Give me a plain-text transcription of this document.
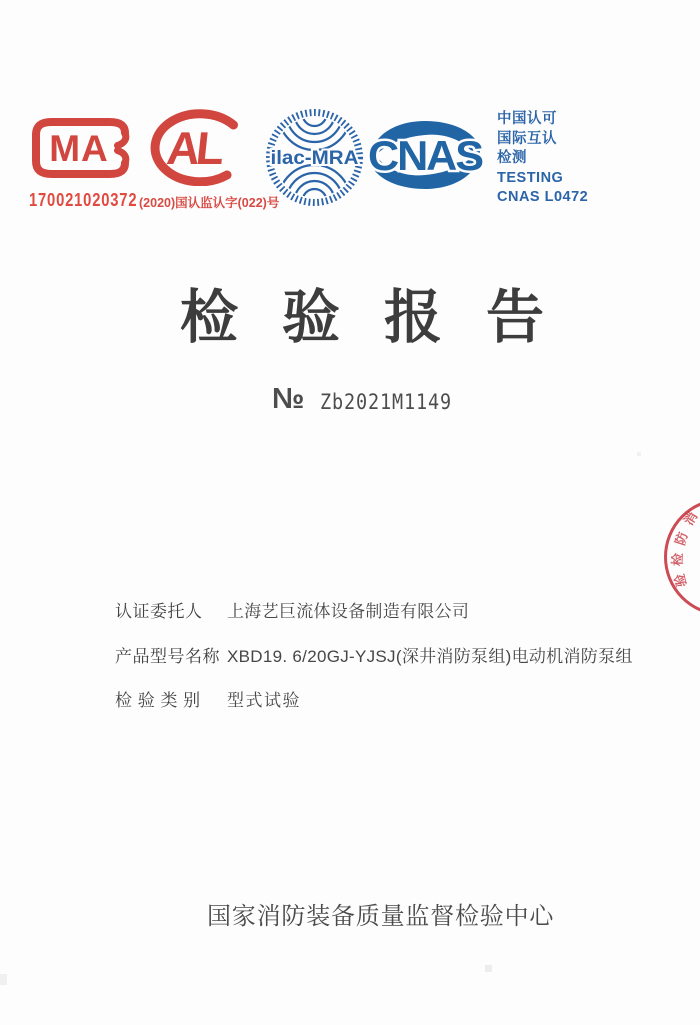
MA AL ilac-MRA CNAS
170021020372 (2020)国认监认字(022)号
中国认可
国际互认
检测
TESTING
CNAS L0472
检验报告
№ Zb2021M1149
消
防
检
验
认证委托人	上海艺巨流体设备制造有限公司
产品型号名称 XBD19. 6/20GJ-YJSJ(深井消防泵组)电动机消防泵组
检 验 类 别	型式试验
国家消防装备质量监督检验中心
